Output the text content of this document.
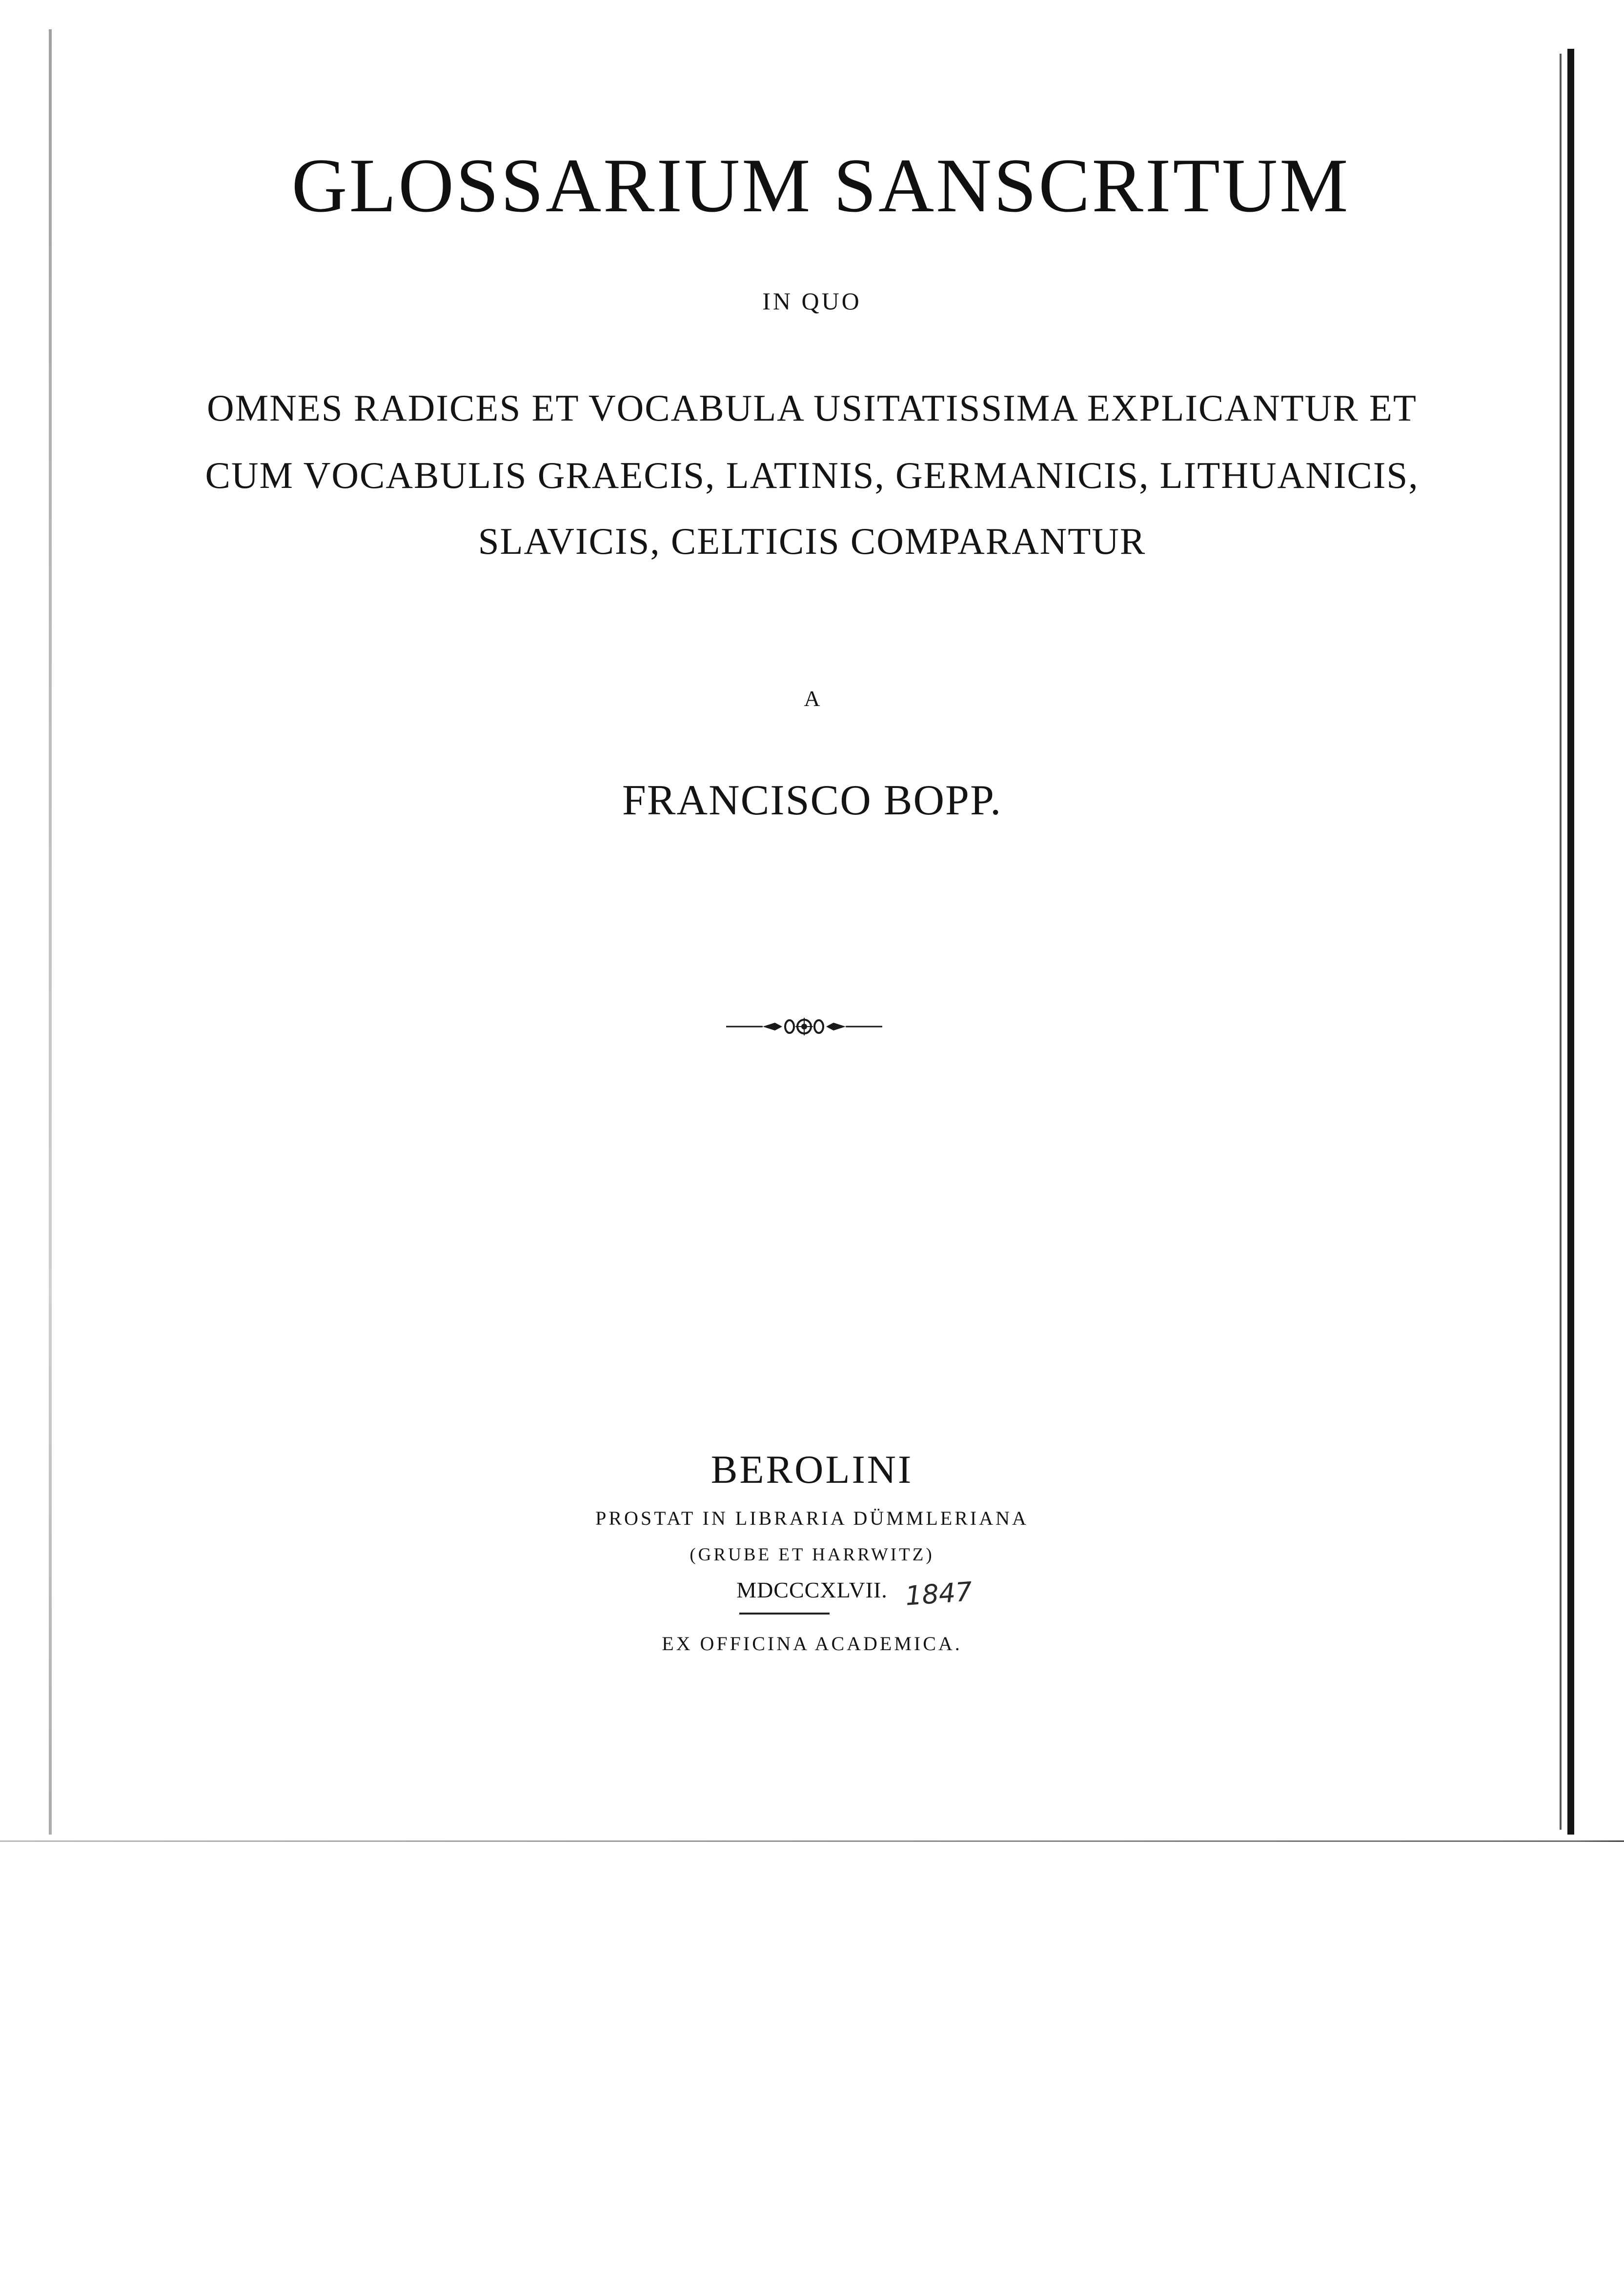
GLOSSARIUM SANSCRITUM
IN QUO
OMNES RADICES ET VOCABULA USITATISSIMA EXPLICANTUR ET
CUM VOCABULIS GRAECIS, LATINIS, GERMANICIS, LITHUANICIS,
SLAVICIS, CELTICIS COMPARANTUR
A
FRANCISCO BOPP.
BEROLINI
PROSTAT IN LIBRARIA DÜMMLERIANA
(GRUBE ET HARRWITZ)
MDCCCXLVII.
EX OFFICINA ACADEMICA.
1847
